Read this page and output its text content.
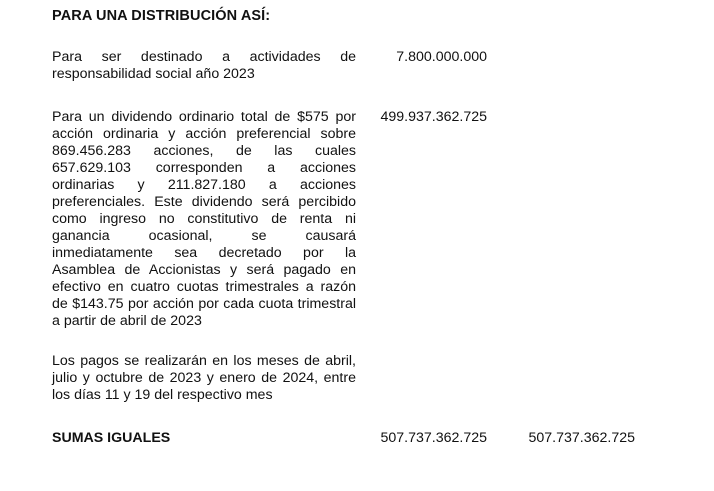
PARA UNA DISTRIBUCIÓN ASÍ:
Para ser destinado a actividades de
responsabilidad social año 2023
7.800.000.000
Para un dividendo ordinario total de $575 por
acción ordinaria y acción preferencial sobre
869.456.283 acciones, de las cuales
657.629.103 corresponden a acciones
ordinarias y 211.827.180 a acciones
preferenciales. Este dividendo será percibido
como ingreso no constitutivo de renta ni
ganancia ocasional, se causará
inmediatamente sea decretado por la
Asamblea de Accionistas y será pagado en
efectivo en cuatro cuotas trimestrales a razón
de $143.75 por acción por cada cuota trimestral
a partir de abril de 2023
499.937.362.725
Los pagos se realizarán en los meses de abril,
julio y octubre de 2023 y enero de 2024, entre
los días 11 y 19 del respectivo mes
SUMAS IGUALES	507.737.362.725	507.737.362.725
